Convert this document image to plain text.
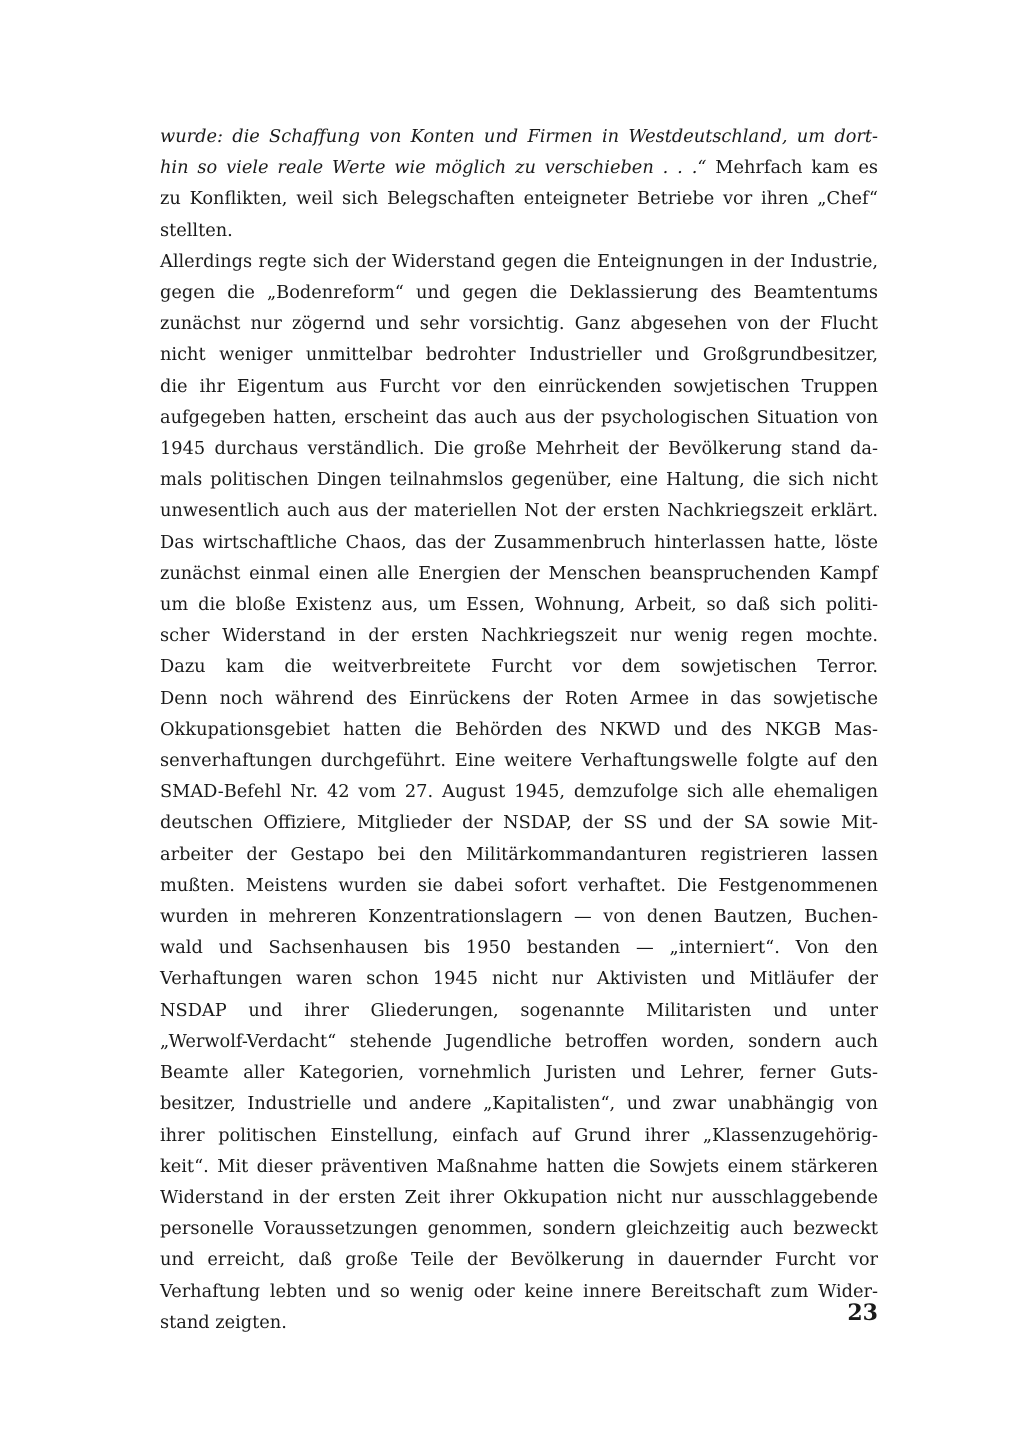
wurde: die Schaffung von Konten und Firmen in Westdeutschland, um dort-
hin so viele reale Werte wie möglich zu verschieben . . .“ Mehrfach kam es
zu Konflikten, weil sich Belegschaften enteigneter Betriebe vor ihren „Chef“
stellten.
Allerdings regte sich der Widerstand gegen die Enteignungen in der Industrie,
gegen die „Bodenreform“ und gegen die Deklassierung des Beamtentums
zunächst nur zögernd und sehr vorsichtig. Ganz abgesehen von der Flucht
nicht weniger unmittelbar bedrohter Industrieller und Großgrundbesitzer,
die ihr Eigentum aus Furcht vor den einrückenden sowjetischen Truppen
aufgegeben hatten, erscheint das auch aus der psychologischen Situation von
1945 durchaus verständlich. Die große Mehrheit der Bevölkerung stand da-
mals politischen Dingen teilnahmslos gegenüber, eine Haltung, die sich nicht
unwesentlich auch aus der materiellen Not der ersten Nachkriegszeit erklärt.
Das wirtschaftliche Chaos, das der Zusammenbruch hinterlassen hatte, löste
zunächst einmal einen alle Energien der Menschen beanspruchenden Kampf
um die bloße Existenz aus, um Essen, Wohnung, Arbeit, so daß sich politi-
scher Widerstand in der ersten Nachkriegszeit nur wenig regen mochte.
Dazu kam die weitverbreitete Furcht vor dem sowjetischen Terror.
Denn noch während des Einrückens der Roten Armee in das sowjetische
Okkupationsgebiet hatten die Behörden des NKWD und des NKGB Mas-
senverhaftungen durchgeführt. Eine weitere Verhaftungswelle folgte auf den
SMAD-Befehl Nr. 42 vom 27. August 1945, demzufolge sich alle ehemaligen
deutschen Offiziere, Mitglieder der NSDAP, der SS und der SA sowie Mit-
arbeiter der Gestapo bei den Militärkommandanturen registrieren lassen
mußten. Meistens wurden sie dabei sofort verhaftet. Die Festgenommenen
wurden in mehreren Konzentrationslagern — von denen Bautzen, Buchen-
wald und Sachsenhausen bis 1950 bestanden — „interniert“. Von den
Verhaftungen waren schon 1945 nicht nur Aktivisten und Mitläufer der
NSDAP und ihrer Gliederungen, sogenannte Militaristen und unter
„Werwolf-Verdacht“ stehende Jugendliche betroffen worden, sondern auch
Beamte aller Kategorien, vornehmlich Juristen und Lehrer, ferner Guts-
besitzer, Industrielle und andere „Kapitalisten“, und zwar unabhängig von
ihrer politischen Einstellung, einfach auf Grund ihrer „Klassenzugehörig-
keit“. Mit dieser präventiven Maßnahme hatten die Sowjets einem stärkeren
Widerstand in der ersten Zeit ihrer Okkupation nicht nur ausschlaggebende
personelle Voraussetzungen genommen, sondern gleichzeitig auch bezweckt
und erreicht, daß große Teile der Bevölkerung in dauernder Furcht vor
Verhaftung lebten und so wenig oder keine innere Bereitschaft zum Wider-
stand zeigten.	23
